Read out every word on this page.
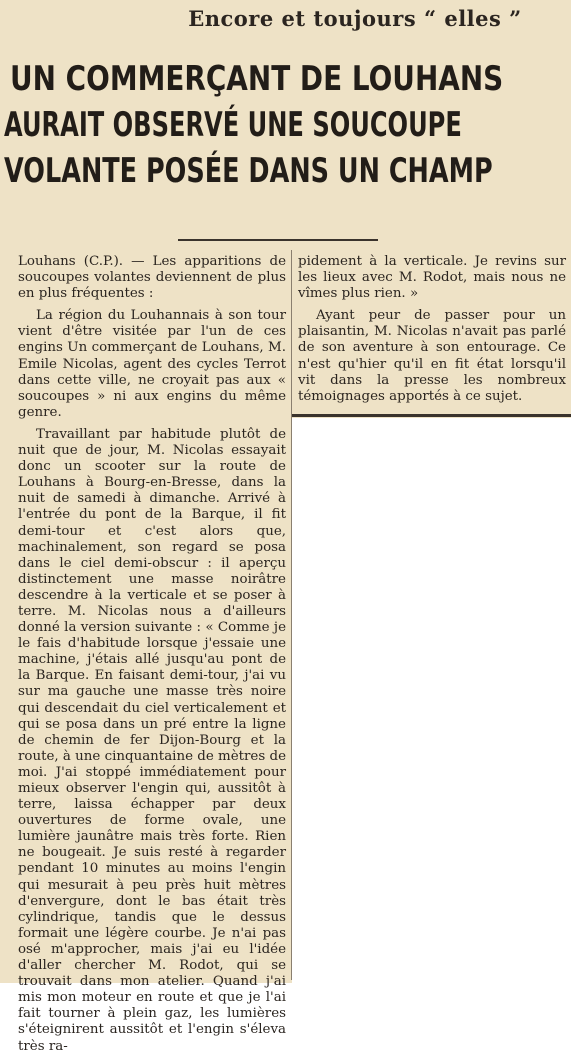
Encore et toujours “ elles ”
UN COMMERÇANT DE LOUHANS
AURAIT OBSERVÉ UNE SOUCOUPE
VOLANTE POSÉE DANS UN CHAMP

Louhans (C.P.). — Les apparitions de soucoupes volantes deviennent de plus en plus fréquentes :

La région du Louhannais à son tour vient d'être visitée par l'un de ces engins Un commerçant de Louhans, M. Emile Nicolas, agent des cycles Terrot dans cette ville, ne croyait pas aux « soucoupes » ni aux engins du même genre.

Travaillant par habitude plutôt de nuit que de jour, M. Nicolas essayait donc un scooter sur la route de Louhans à Bourg-en-Bresse, dans la nuit de samedi à dimanche. Arrivé à l'entrée du pont de la Barque, il fit demi-tour et c'est alors que, machinalement, son regard se posa dans le ciel demi-obscur : il aperçu distinctement une masse noirâtre descendre à la verticale et se poser à terre. M. Nicolas nous a d'ailleurs donné la version suivante : « Comme je le fais d'habitude lorsque j'essaie une machine, j'étais allé jusqu'au pont de la Barque. En faisant demi-tour, j'ai vu sur ma gauche une masse très noire qui descendait du ciel verticalement et qui se posa dans un pré entre la ligne de chemin de fer Dijon-Bourg et la route, à une cinquantaine de mètres de moi. J'ai stoppé immédiatement pour mieux observer l'engin qui, aussitôt à terre, laissa échapper par deux ouvertures de forme ovale, une lumière jaunâtre mais très forte. Rien ne bougeait. Je suis resté à regarder pendant 10 minutes au moins l'engin qui mesurait à peu près huit mètres d'envergure, dont le bas était très cylindrique, tandis que le dessus formait une légère courbe. Je n'ai pas osé m'approcher, mais j'ai eu l'idée d'aller chercher M. Rodot, qui se trouvait dans mon atelier. Quand j'ai mis mon moteur en route et que je l'ai fait tourner à plein gaz, les lumières s'éteignirent aussitôt et l'engin s'éleva très ra-

pidement à la verticale. Je revins sur les lieux avec M. Rodot, mais nous ne vîmes plus rien. »

Ayant peur de passer pour un plaisantin, M. Nicolas n'avait pas parlé de son aventure à son entourage. Ce n'est qu'hier qu'il en fit état lorsqu'il vit dans la presse les nombreux témoignages apportés à ce sujet.
